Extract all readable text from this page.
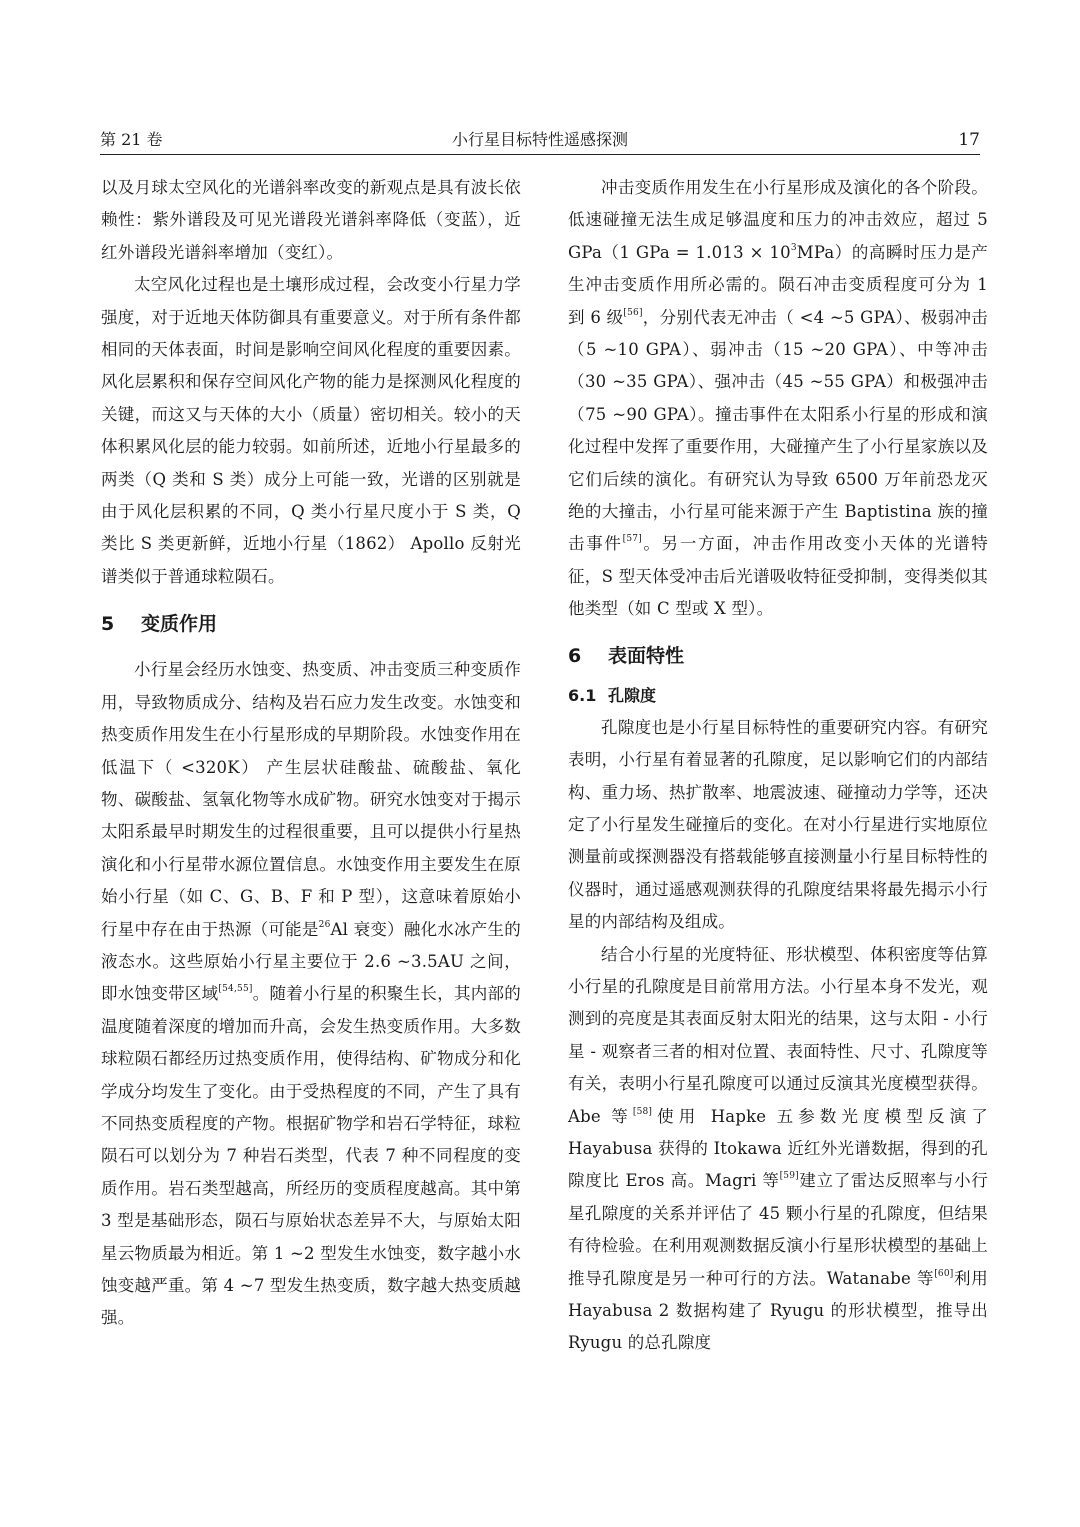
第 21 卷	小行星目标特性遥感探测	17

以及月球太空风化的光谱斜率改变的新观点是具有波长依赖性：紫外谱段及可见光谱段光谱斜率降低（变蓝），近红外谱段光谱斜率增加（变红）。

太空风化过程也是土壤形成过程，会改变小行星力学强度，对于近地天体防御具有重要意义。对于所有条件都相同的天体表面，时间是影响空间风化程度的重要因素。风化层累积和保存空间风化产物的能力是探测风化程度的关键，而这又与天体的大小（质量）密切相关。较小的天体积累风化层的能力较弱。如前所述，近地小行星最多的两类（Q 类和 S 类）成分上可能一致，光谱的区别就是由于风化层积累的不同，Q 类小行星尺度小于 S 类，Q 类比 S 类更新鲜，近地小行星（1862） Apollo 反射光谱类似于普通球粒陨石。

5 变质作用

小行星会经历水蚀变、热变质、冲击变质三种变质作用，导致物质成分、结构及岩石应力发生改变。水蚀变和热变质作用发生在小行星形成的早期阶段。水蚀变作用在低温下（ <320K） 产生层状硅酸盐、硫酸盐、氧化物、碳酸盐、氢氧化物等水成矿物。研究水蚀变对于揭示太阳系最早时期发生的过程很重要，且可以提供小行星热演化和小行星带水源位置信息。水蚀变作用主要发生在原始小行星（如 C、G、B、F 和 P 型），这意味着原始小行星中存在由于热源（可能是$^{26}$Al 衰变）融化水冰产生的液态水。这些原始小行星主要位于 2.6 ~3.5AU 之间，即水蚀变带区域[54,55]。随着小行星的积聚生长，其内部的温度随着深度的增加而升高，会发生热变质作用。大多数球粒陨石都经历过热变质作用，使得结构、矿物成分和化学成分均发生了变化。由于受热程度的不同，产生了具有不同热变质程度的产物。根据矿物学和岩石学特征，球粒陨石可以划分为 7 种岩石类型，代表 7 种不同程度的变质作用。岩石类型越高，所经历的变质程度越高。其中第 3 型是基础形态，陨石与原始状态差异不大，与原始太阳星云物质最为相近。第 1 ~2 型发生水蚀变，数字越小水蚀变越严重。第 4 ~7 型发生热变质，数字越大热变质越强。

冲击变质作用发生在小行星形成及演化的各个阶段。低速碰撞无法生成足够温度和压力的冲击效应，超过 5 GPa（1 GPa = $1.013 \times 10^3MPa$）的高瞬时压力是产生冲击变质作用所必需的。陨石冲击变质程度可分为 1 到 6 级[56]，分别代表无冲击（ <4 ~5 GPA）、极弱冲击（5 ~10 GPA）、弱冲击（15 ~20 GPA）、中等冲击（30 ~35 GPA）、强冲击（45 ~55 GPA）和极强冲击（75 ~90 GPA）。撞击事件在太阳系小行星的形成和演化过程中发挥了重要作用，大碰撞产生了小行星家族以及它们后续的演化。有研究认为导致 6500 万年前恐龙灭绝的大撞击，小行星可能来源于产生 Baptistina 族的撞击事件[57]。另一方面，冲击作用改变小天体的光谱特征，S 型天体受冲击后光谱吸收特征受抑制，变得类似其他类型（如 C 型或 X 型）。

6 表面特性
6.1 孔隙度

孔隙度也是小行星目标特性的重要研究内容。有研究表明，小行星有着显著的孔隙度，足以影响它们的内部结构、重力场、热扩散率、地震波速、碰撞动力学等，还决定了小行星发生碰撞后的变化。在对小行星进行实地原位测量前或探测器没有搭载能够直接测量小行星目标特性的仪器时，通过遥感观测获得的孔隙度结果将最先揭示小行星的内部结构及组成。

结合小行星的光度特征、形状模型、体积密度等估算小行星的孔隙度是目前常用方法。小行星本身不发光，观测到的亮度是其表面反射太阳光的结果，这与太阳 - 小行星 - 观察者三者的相对位置、表面特性、尺寸、孔隙度等有关，表明小行星孔隙度可以通过反演其光度模型获得。Abe 等[58]使用 Hapke 五参数光度模型反演了 Hayabusa 获得的 Itokawa 近红外光谱数据，得到的孔隙度比 Eros 高。Magri 等[59]建立了雷达反照率与小行星孔隙度的关系并评估了 45 颗小行星的孔隙度，但结果有待检验。在利用观测数据反演小行星形状模型的基础上推导孔隙度是另一种可行的方法。Watanabe 等[60]利用 Hayabusa 2 数据构建了 Ryugu 的形状模型，推导出 Ryugu 的总孔隙度
